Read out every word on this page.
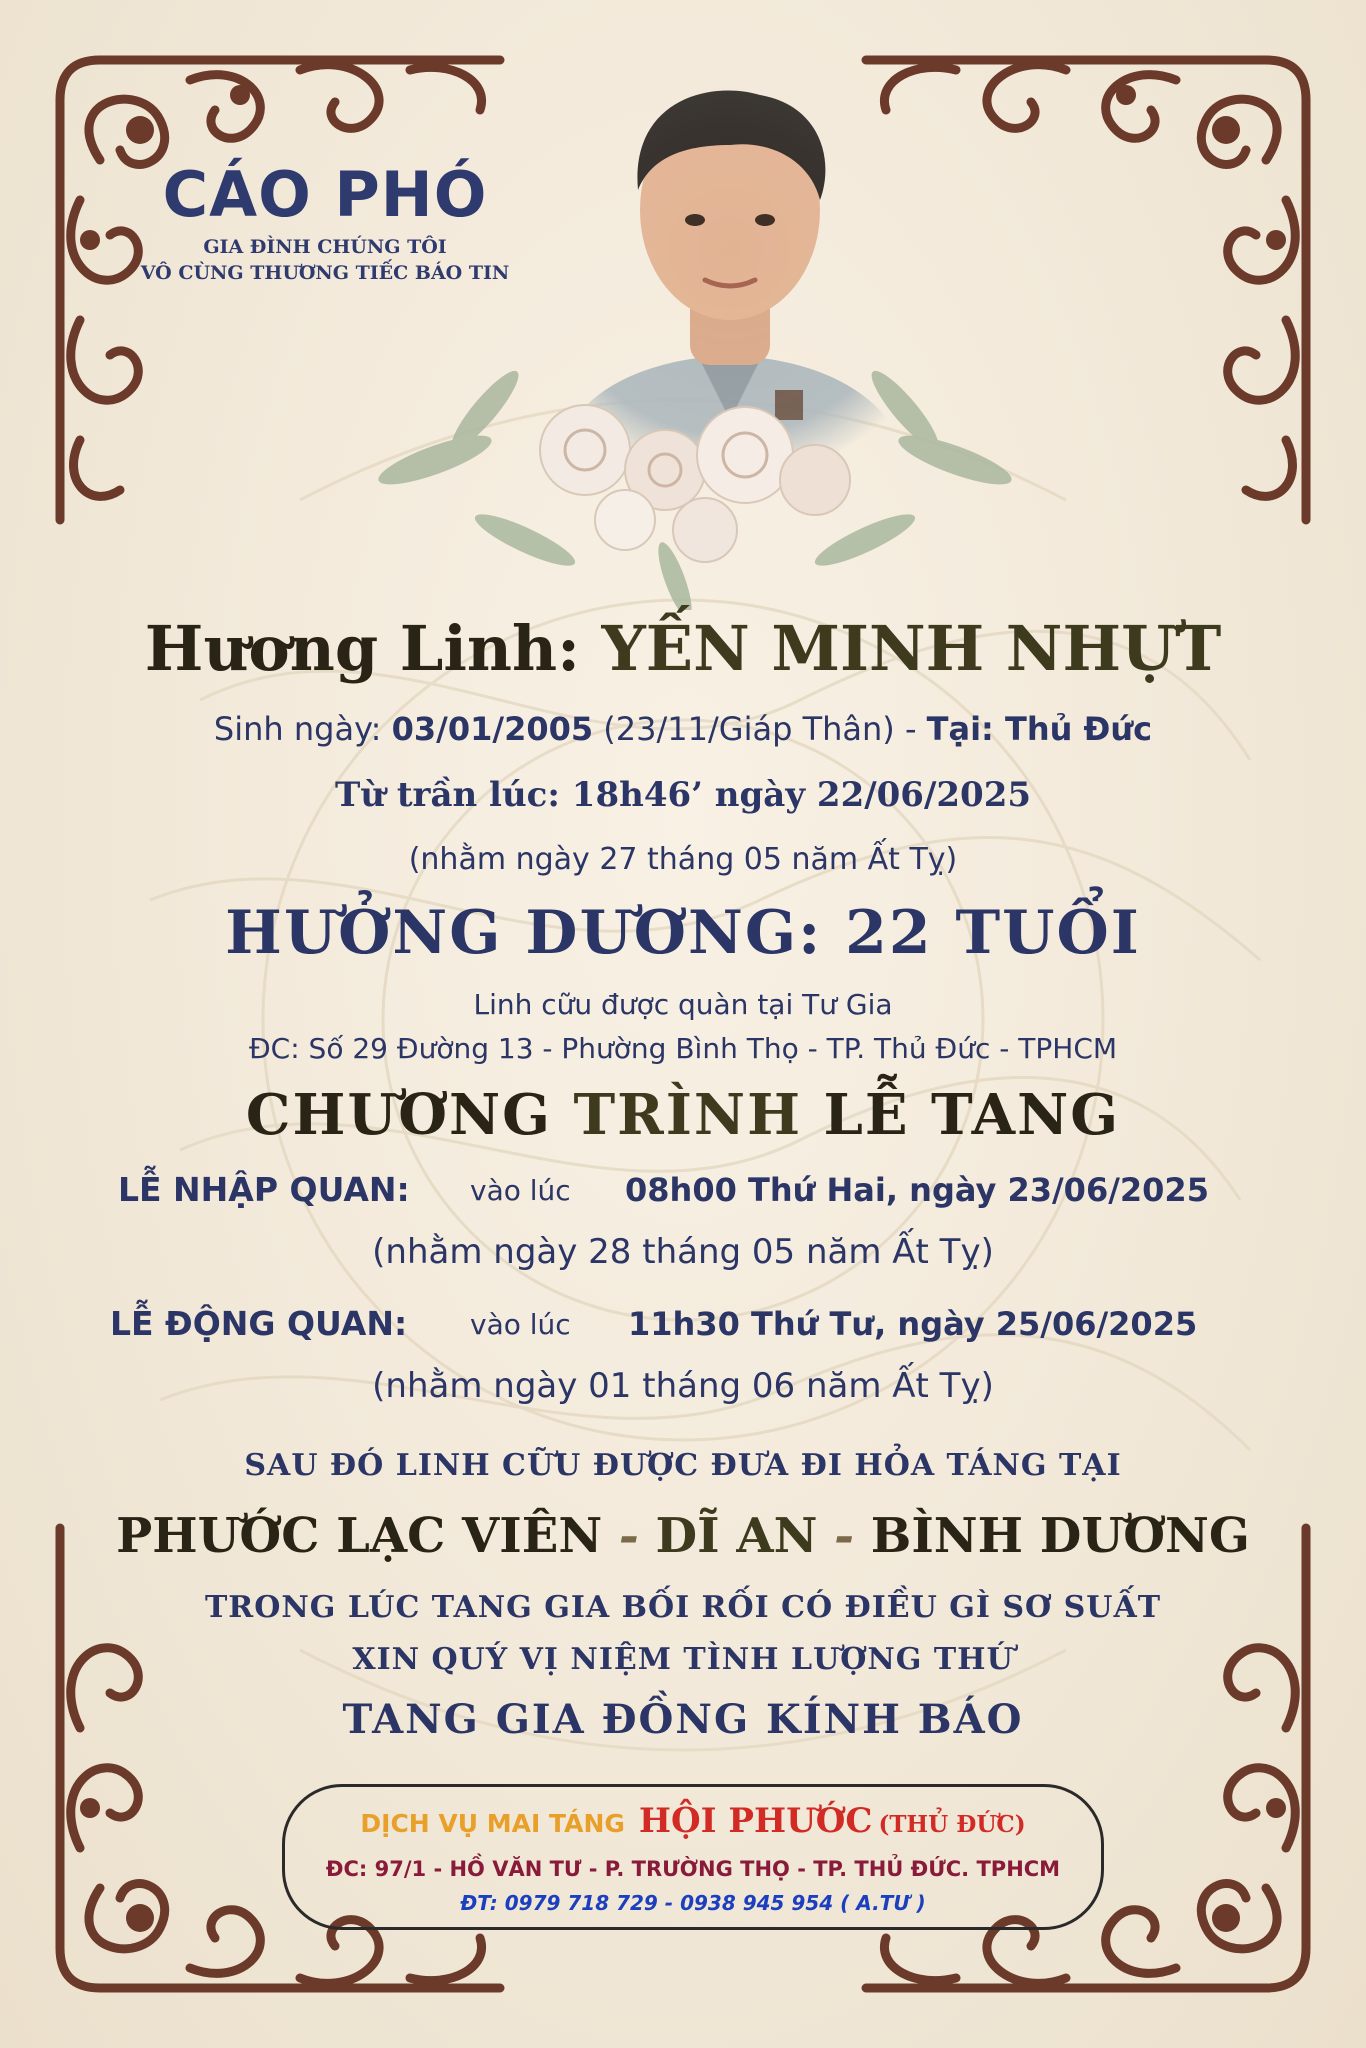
CÁO PHÓ
GIA ĐÌNH CHÚNG TÔI
VÔ CÙNG THƯƠNG TIẾC BÁO TIN

Hương Linh: YẾN MINH NHỰT

Sinh ngày: 03/01/2005 (23/11/Giáp Thân) - Tại: Thủ Đức

Từ trần lúc: 18h46’ ngày 22/06/2025

(nhằm ngày 27 tháng 05 năm Ất Tỵ)

HƯỞNG DƯƠNG: 22 TUỔI

Linh cữu được quàn tại Tư Gia

ĐC: Số 29 Đường 13 - Phường Bình Thọ - TP. Thủ Đức - TPHCM

CHƯƠNG TRÌNH LỄ TANG

LỄ NHẬP QUAN: vào lúc 08h00 Thứ Hai, ngày 23/06/2025

(nhằm ngày 28 tháng 05 năm Ất Tỵ)

LỄ ĐỘNG QUAN: vào lúc 11h30 Thứ Tư, ngày 25/06/2025

(nhằm ngày 01 tháng 06 năm Ất Tỵ)

SAU ĐÓ LINH CỮU ĐƯỢC ĐƯA ĐI HỎA TÁNG TẠI

PHƯỚC LẠC VIÊN - DĨ AN - BÌNH DƯƠNG

TRONG LÚC TANG GIA BỐI RỐI CÓ ĐIỀU GÌ SƠ SUẤT

XIN QUÝ VỊ NIỆM TÌNH LƯỢNG THỨ

TANG GIA ĐỒNG KÍNH BÁO

DỊCH VỤ MAI TÁNG HỘI PHƯỚC (THỦ ĐỨC)
ĐC: 97/1 - HỒ VĂN TƯ - P. TRƯỜNG THỌ - TP. THỦ ĐỨC. TPHCM
ĐT: 0979 718 729 - 0938 945 954 ( A.TƯ )
